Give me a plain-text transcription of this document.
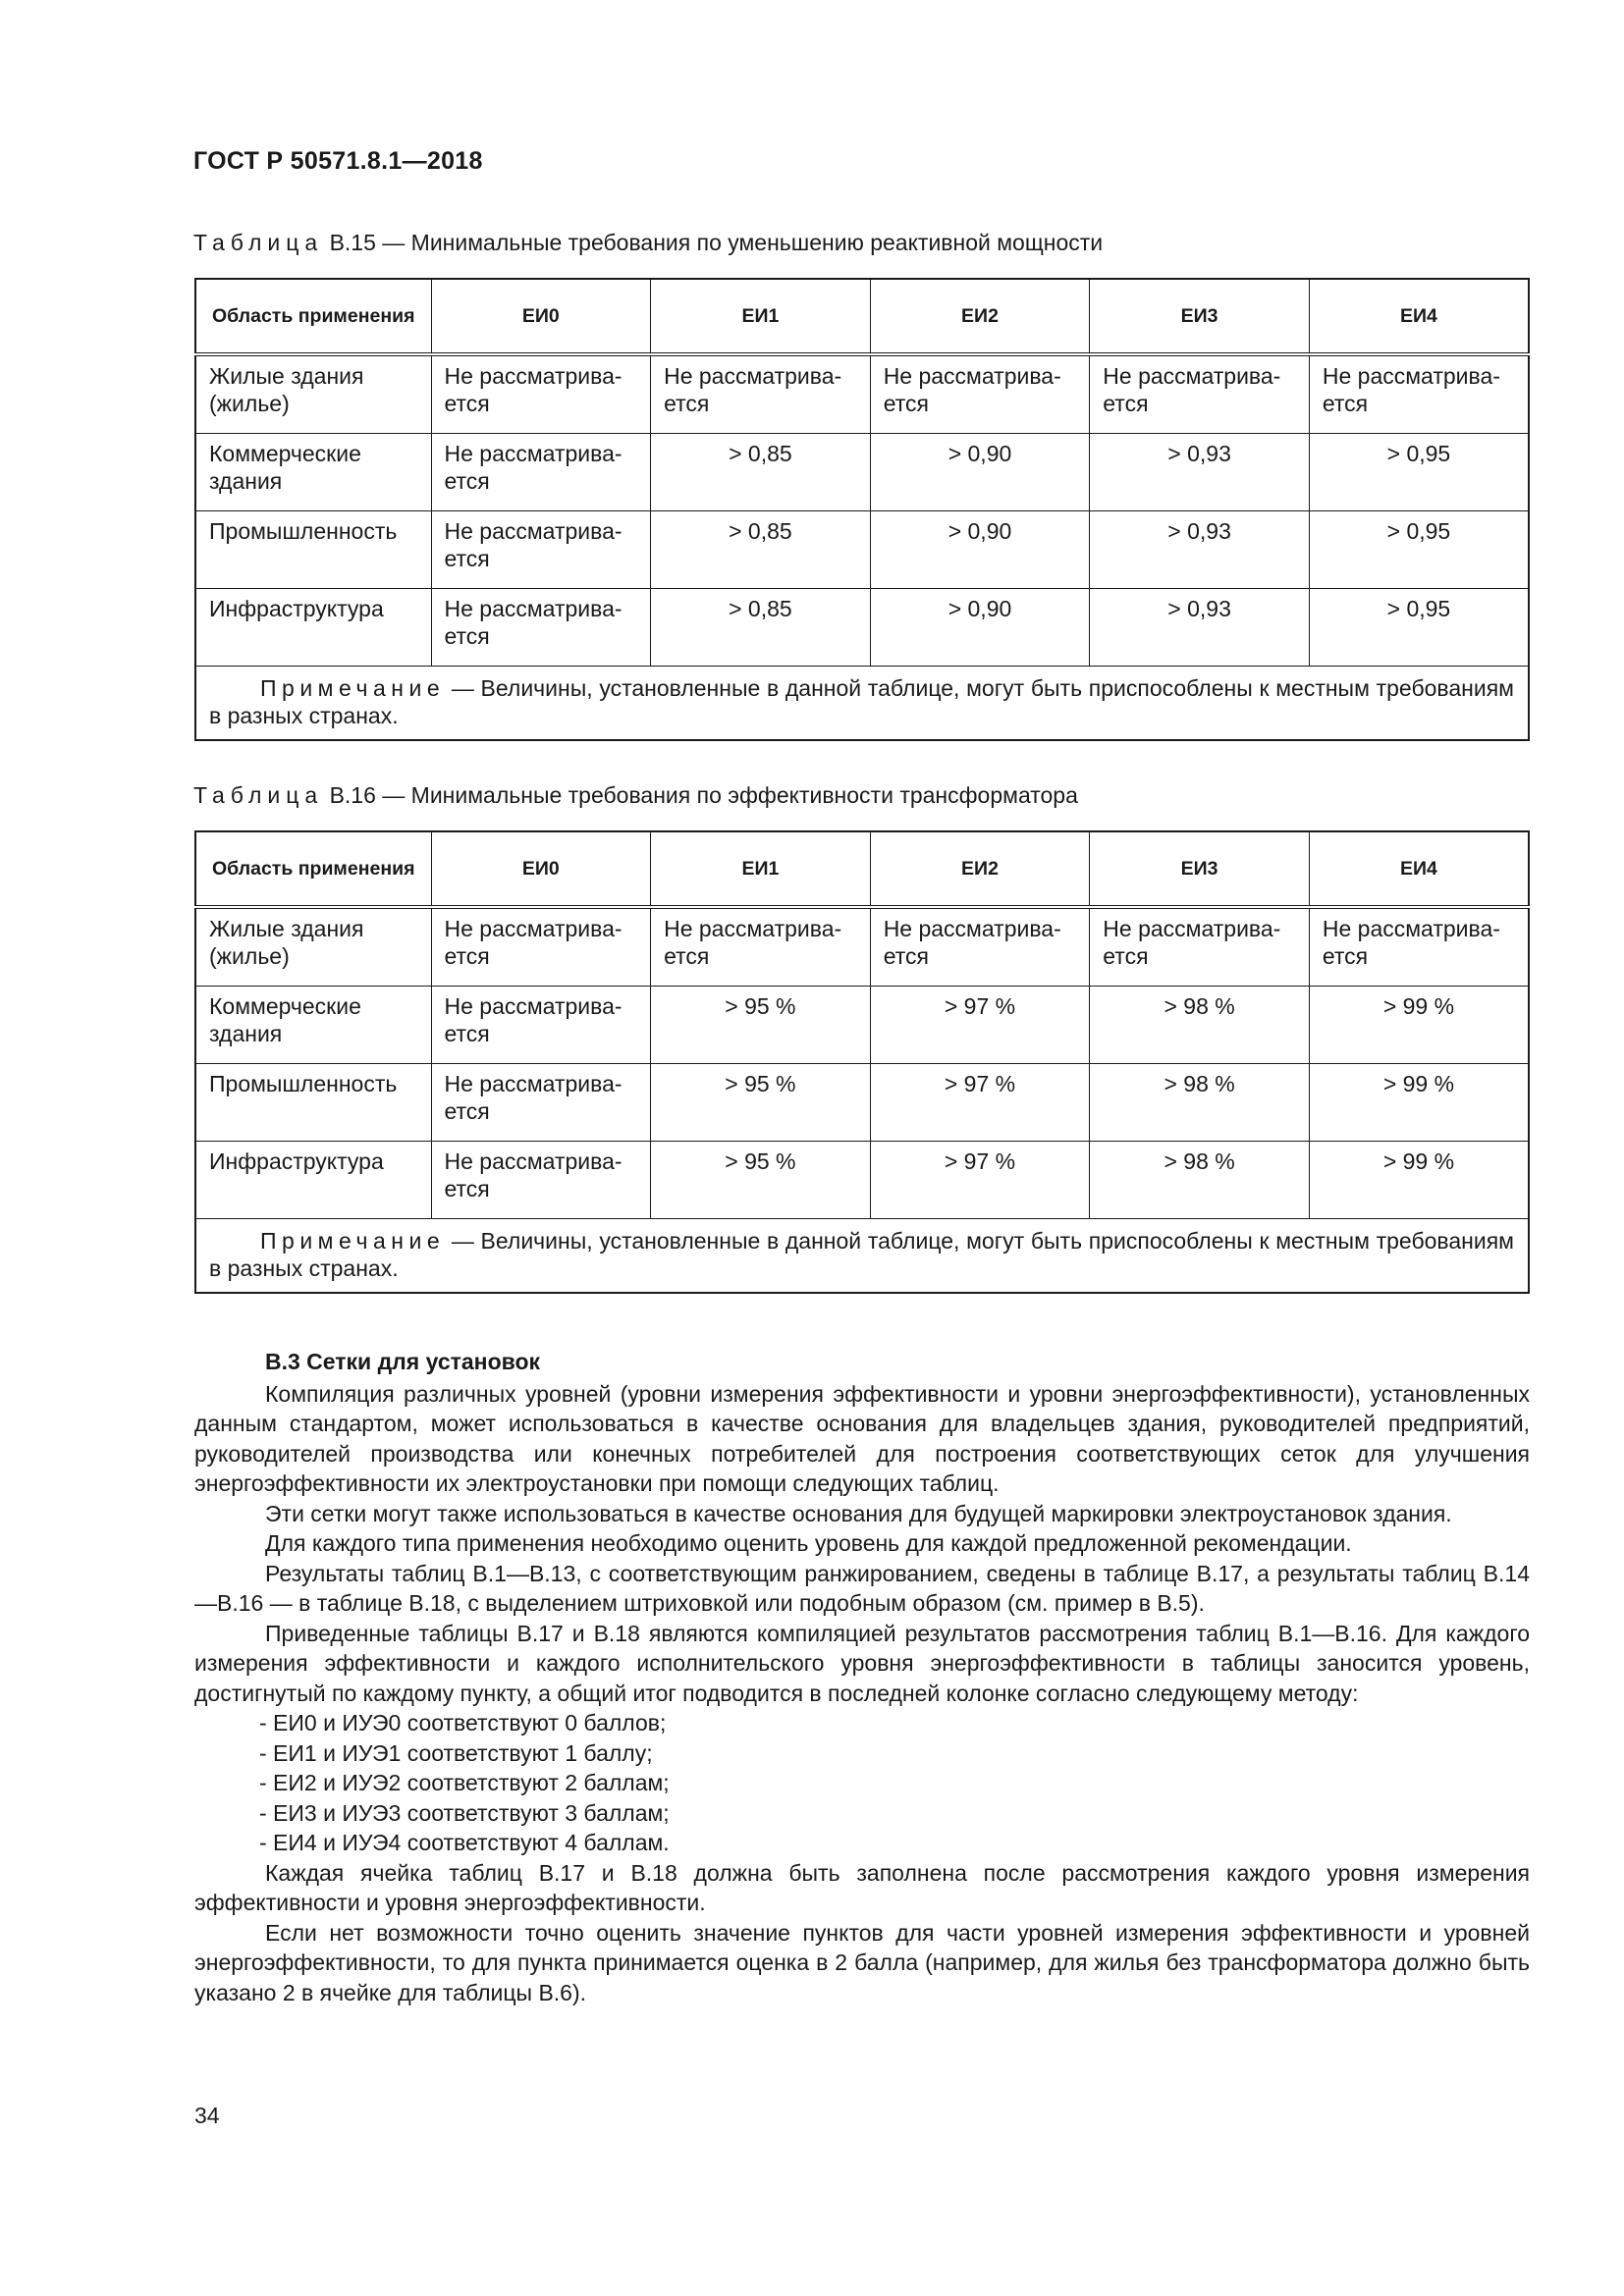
ГОСТ Р 50571.8.1—2018
Таблица В.15 — Минимальные требования по уменьшению реактивной мощности
Область применения	ЕИ0	ЕИ1	ЕИ2	ЕИ3	ЕИ4
Жилые здания (жилье)	Не рассматрива-ется	Не рассматрива-ется	Не рассматрива-ется	Не рассматрива-ется	Не рассматрива-ется
Коммерческие здания	Не рассматрива-ется	> 0,85	> 0,90	> 0,93	> 0,95
Промышленность	Не рассматрива-ется	> 0,85	> 0,90	> 0,93	> 0,95
Инфраструктура	Не рассматрива-ется	> 0,85	> 0,90	> 0,93	> 0,95
Примечание — Величины, установленные в данной таблице, могут быть приспособлены к местным требованиям в разных странах.					
Таблица В.16 — Минимальные требования по эффективности трансформатора
Область применения	ЕИ0	ЕИ1	ЕИ2	ЕИ3	ЕИ4
Жилые здания (жилье)	Не рассматрива-ется	Не рассматрива-ется	Не рассматрива-ется	Не рассматрива-ется	Не рассматрива-ется
Коммерческие здания	Не рассматрива-ется	> 95 %	> 97 %	> 98 %	> 99 %
Промышленность	Не рассматрива-ется	> 95 %	> 97 %	> 98 %	> 99 %
Инфраструктура	Не рассматрива-ется	> 95 %	> 97 %	> 98 %	> 99 %
Примечание — Величины, установленные в данной таблице, могут быть приспособлены к местным требованиям в разных странах.					
В.3 Сетки для установок

Компиляция различных уровней (уровни измерения эффективности и уровни энергоэффективности), установленных данным стандартом, может использоваться в качестве основания для владельцев здания, руководителей предприятий, руководителей производства или конечных потребителей для построения соответствующих сеток для улучшения энергоэффективности их электроустановки при помощи следующих таблиц.

Эти сетки могут также использоваться в качестве основания для будущей маркировки электроустановок здания.

Для каждого типа применения необходимо оценить уровень для каждой предложенной рекомендации.

Результаты таблиц В.1—В.13, с соответствующим ранжированием, сведены в таблице В.17, а результаты таблиц В.14—В.16 — в таблице В.18, с выделением штриховкой или подобным образом (см. пример в В.5).

Приведенные таблицы В.17 и В.18 являются компиляцией результатов рассмотрения таблиц В.1—В.16. Для каждого измерения эффективности и каждого исполнительского уровня энергоэффективности в таблицы заносится уровень, достигнутый по каждому пункту, а общий итог подводится в последней колонке согласно следующему методу:

- ЕИ0 и ИУЭ0 соответствуют 0 баллов;

- ЕИ1 и ИУЭ1 соответствуют 1 баллу;

- ЕИ2 и ИУЭ2 соответствуют 2 баллам;

- ЕИ3 и ИУЭ3 соответствуют 3 баллам;

- ЕИ4 и ИУЭ4 соответствуют 4 баллам.

Каждая ячейка таблиц В.17 и В.18 должна быть заполнена после рассмотрения каждого уровня измерения эффективности и уровня энергоэффективности.

Если нет возможности точно оценить значение пунктов для части уровней измерения эффективности и уровней энергоэффективности, то для пункта принимается оценка в 2 балла (например, для жилья без трансформатора должно быть указано 2 в ячейке для таблицы В.6).

34
